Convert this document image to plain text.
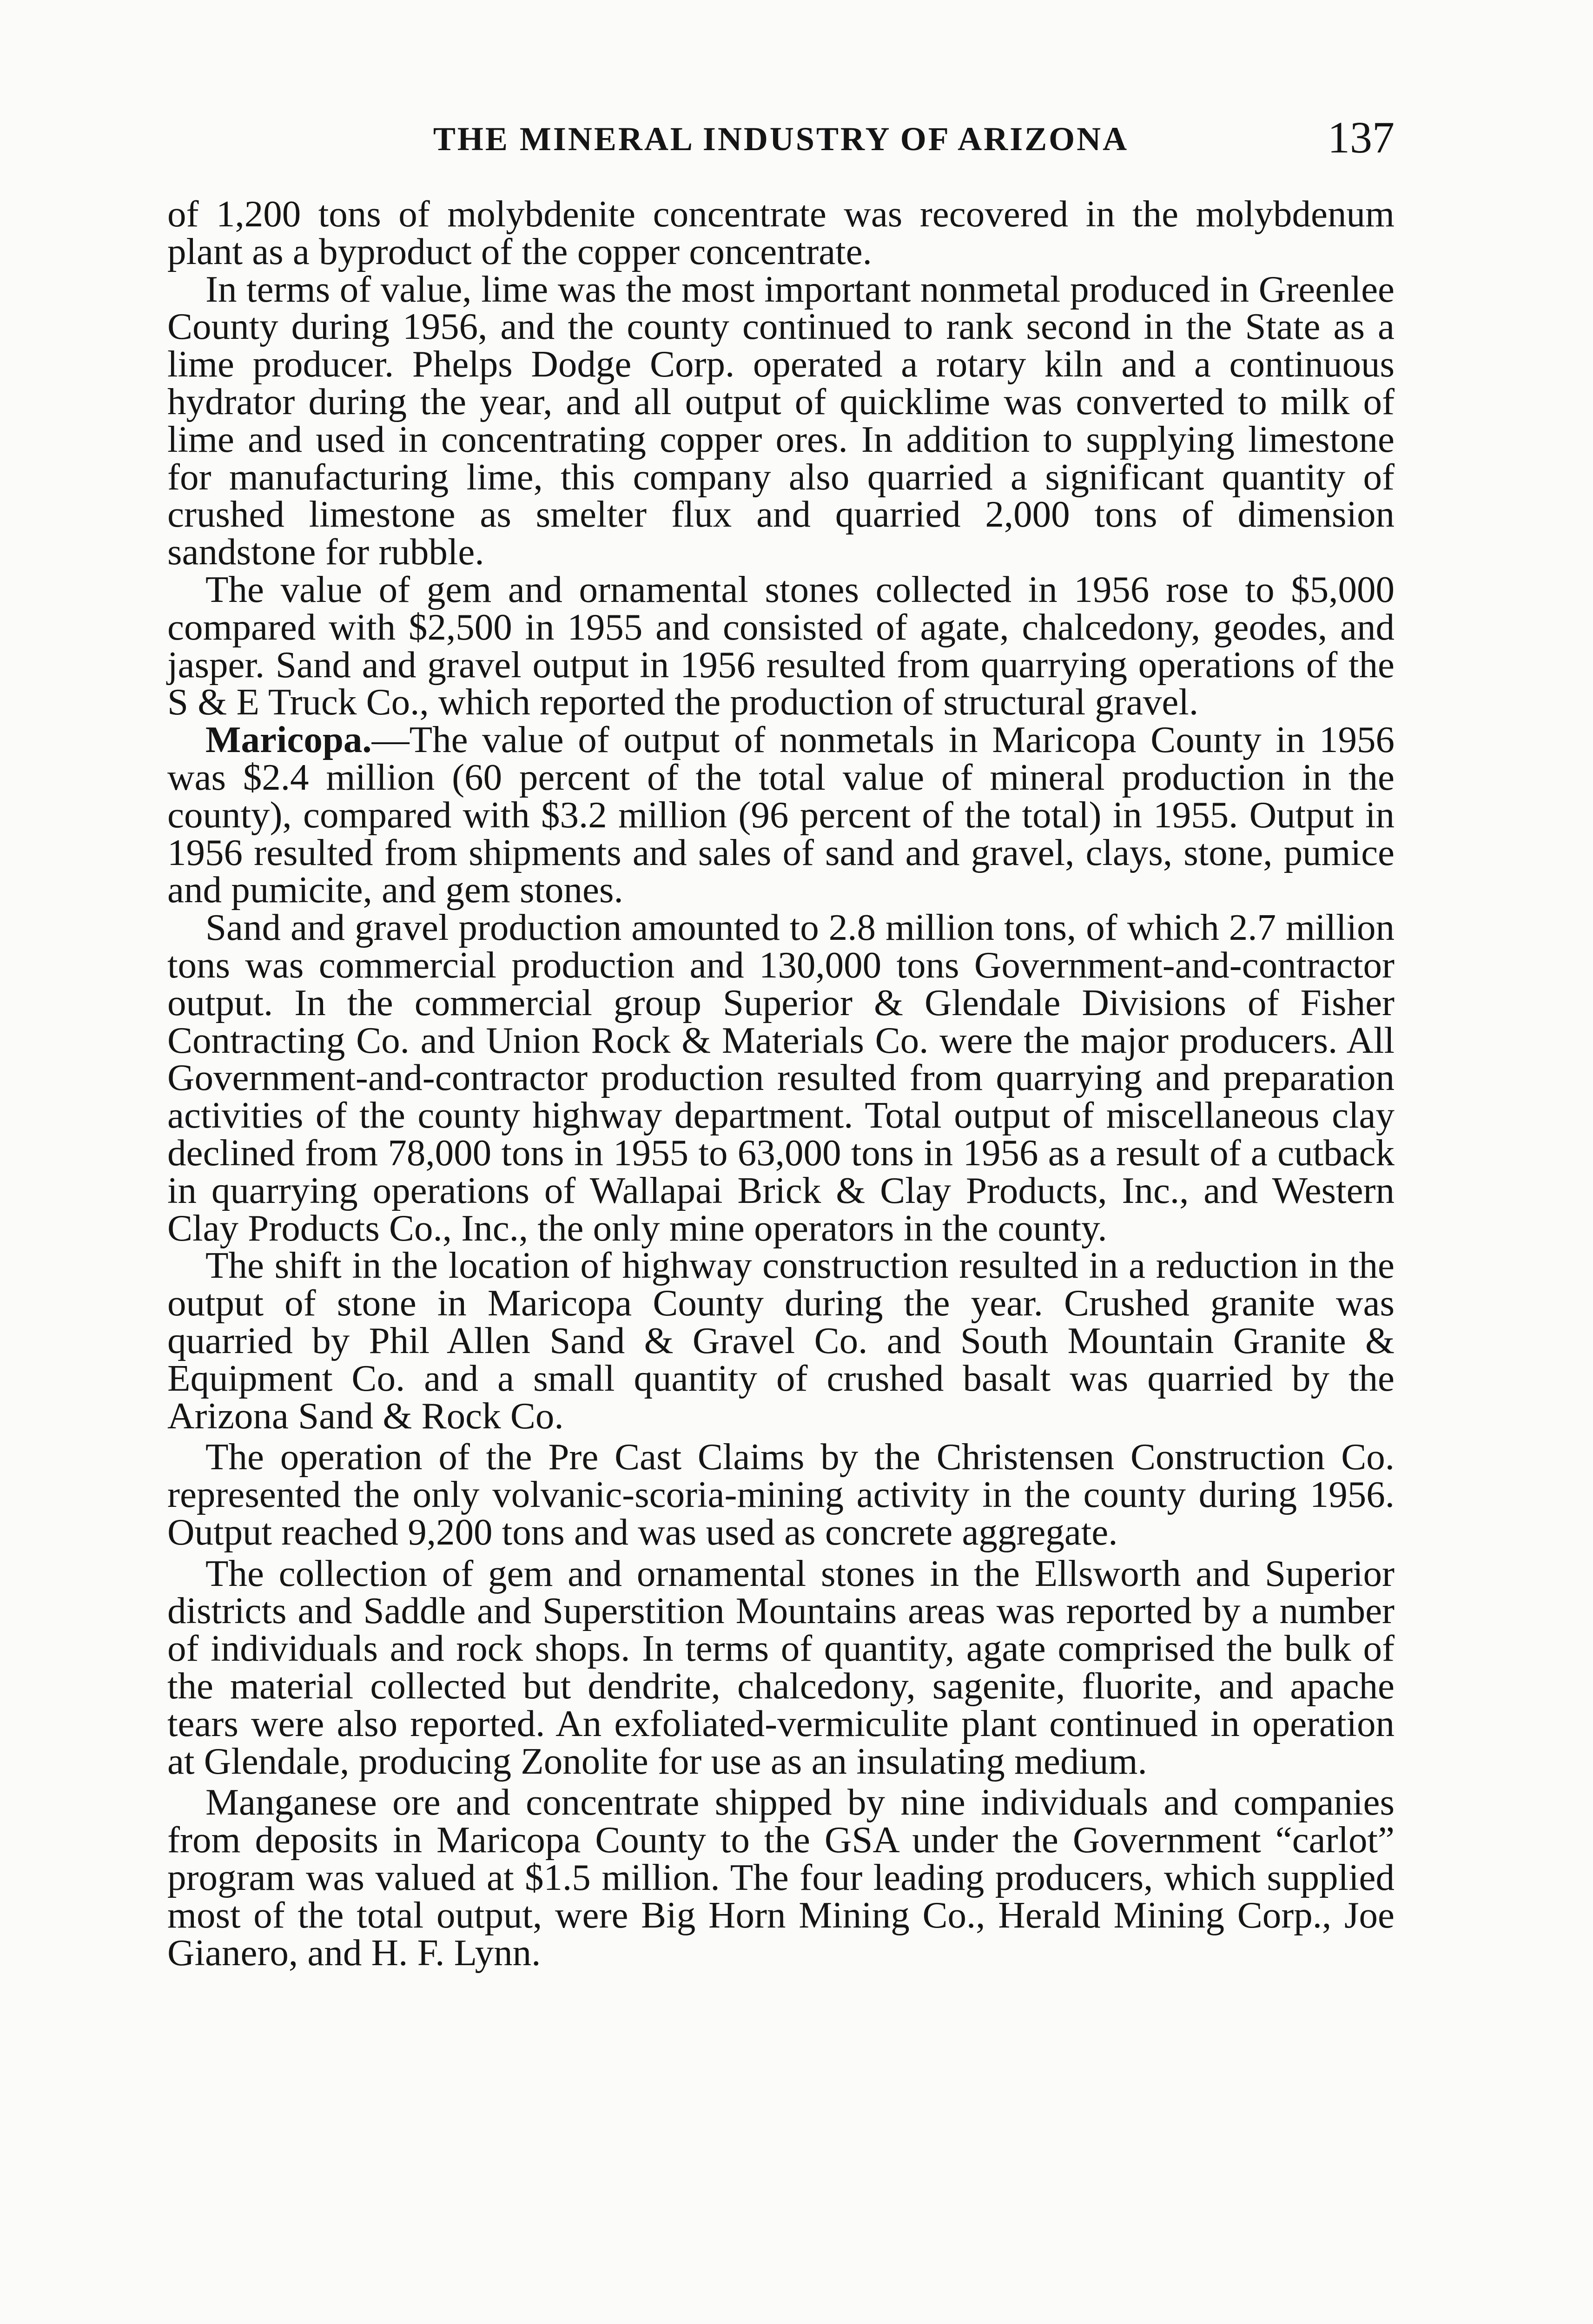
THE MINERAL INDUSTRY OF ARIZONA	137

of 1,200 tons of molybdenite concentrate was recovered in the molybdenum plant as a byproduct of the copper concentrate.

In terms of value, lime was the most important nonmetal produced in Greenlee County during 1956, and the county continued to rank second in the State as a lime producer. Phelps Dodge Corp. operated a rotary kiln and a continuous hydrator during the year, and all output of quicklime was converted to milk of lime and used in concentrating copper ores. In addition to supplying limestone for manufacturing lime, this company also quarried a significant quantity of crushed limestone as smelter flux and quarried 2,000 tons of dimension sandstone for rubble.

The value of gem and ornamental stones collected in 1956 rose to $5,000 compared with $2,500 in 1955 and consisted of agate, chalcedony, geodes, and jasper. Sand and gravel output in 1956 resulted from quarrying operations of the S & E Truck Co., which reported the production of structural gravel.

Maricopa.—The value of output of nonmetals in Maricopa County in 1956 was $2.4 million (60 percent of the total value of mineral production in the county), compared with $3.2 million (96 percent of the total) in 1955. Output in 1956 resulted from shipments and sales of sand and gravel, clays, stone, pumice and pumicite, and gem stones.

Sand and gravel production amounted to 2.8 million tons, of which 2.7 million tons was commercial production and 130,000 tons Government-and-contractor output. In the commercial group Superior & Glendale Divisions of Fisher Contracting Co. and Union Rock & Materials Co. were the major producers. All Government-and-contractor production resulted from quarrying and preparation activities of the county highway department. Total output of miscellaneous clay declined from 78,000 tons in 1955 to 63,000 tons in 1956 as a result of a cutback in quarrying operations of Wallapai Brick & Clay Products, Inc., and Western Clay Products Co., Inc., the only mine operators in the county.

The shift in the location of highway construction resulted in a reduction in the output of stone in Maricopa County during the year. Crushed granite was quarried by Phil Allen Sand & Gravel Co. and South Mountain Granite & Equipment Co. and a small quantity of crushed basalt was quarried by the Arizona Sand & Rock Co.

The operation of the Pre Cast Claims by the Christensen Construction Co. represented the only volvanic-scoria-mining activity in the county during 1956. Output reached 9,200 tons and was used as concrete aggregate.

The collection of gem and ornamental stones in the Ellsworth and Superior districts and Saddle and Superstition Mountains areas was reported by a number of individuals and rock shops. In terms of quantity, agate comprised the bulk of the material collected but dendrite, chalcedony, sagenite, fluorite, and apache tears were also reported. An exfoliated-vermiculite plant continued in operation at Glendale, producing Zonolite for use as an insulating medium.

Manganese ore and concentrate shipped by nine individuals and companies from deposits in Maricopa County to the GSA under the Government “carlot” program was valued at $1.5 million. The four leading producers, which supplied most of the total output, were Big Horn Mining Co., Herald Mining Corp., Joe Gianero, and H. F. Lynn.
